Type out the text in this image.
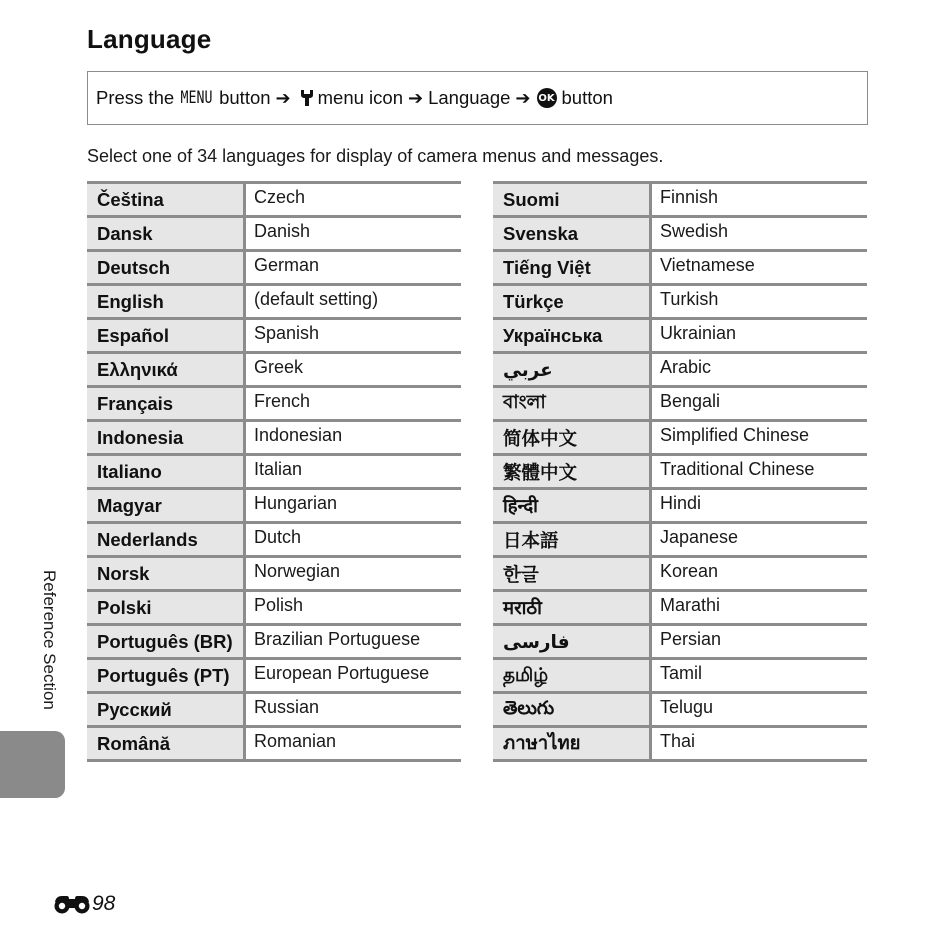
Language
Press the MENU button ➔ menu icon ➔ Language ➔ OK button
Select one of 34 languages for display of camera menus and messages.
Čeština	Czech
Dansk	Danish
Deutsch	German
English	(default setting)
Español	Spanish
Ελληνικά	Greek
Français	French
Indonesia	Indonesian
Italiano	Italian
Magyar	Hungarian
Nederlands	Dutch
Norsk	Norwegian
Polski	Polish
Português (BR)	Brazilian Portuguese
Português (PT)	European Portuguese
Русский	Russian
Română	Romanian
Suomi	Finnish
Svenska	Swedish
Tiếng Việt	Vietnamese
Türkçe	Turkish
Українська	Ukrainian
عربي	Arabic
বাংলা	Bengali
简体中文	Simplified Chinese
繁體中文	Traditional Chinese
हिन्दी	Hindi
日本語	Japanese
한글	Korean
मराठी	Marathi
فارسی	Persian
தமிழ்	Tamil
తెలుగు	Telugu
ภาษาไทย	Thai
Reference Section
98
